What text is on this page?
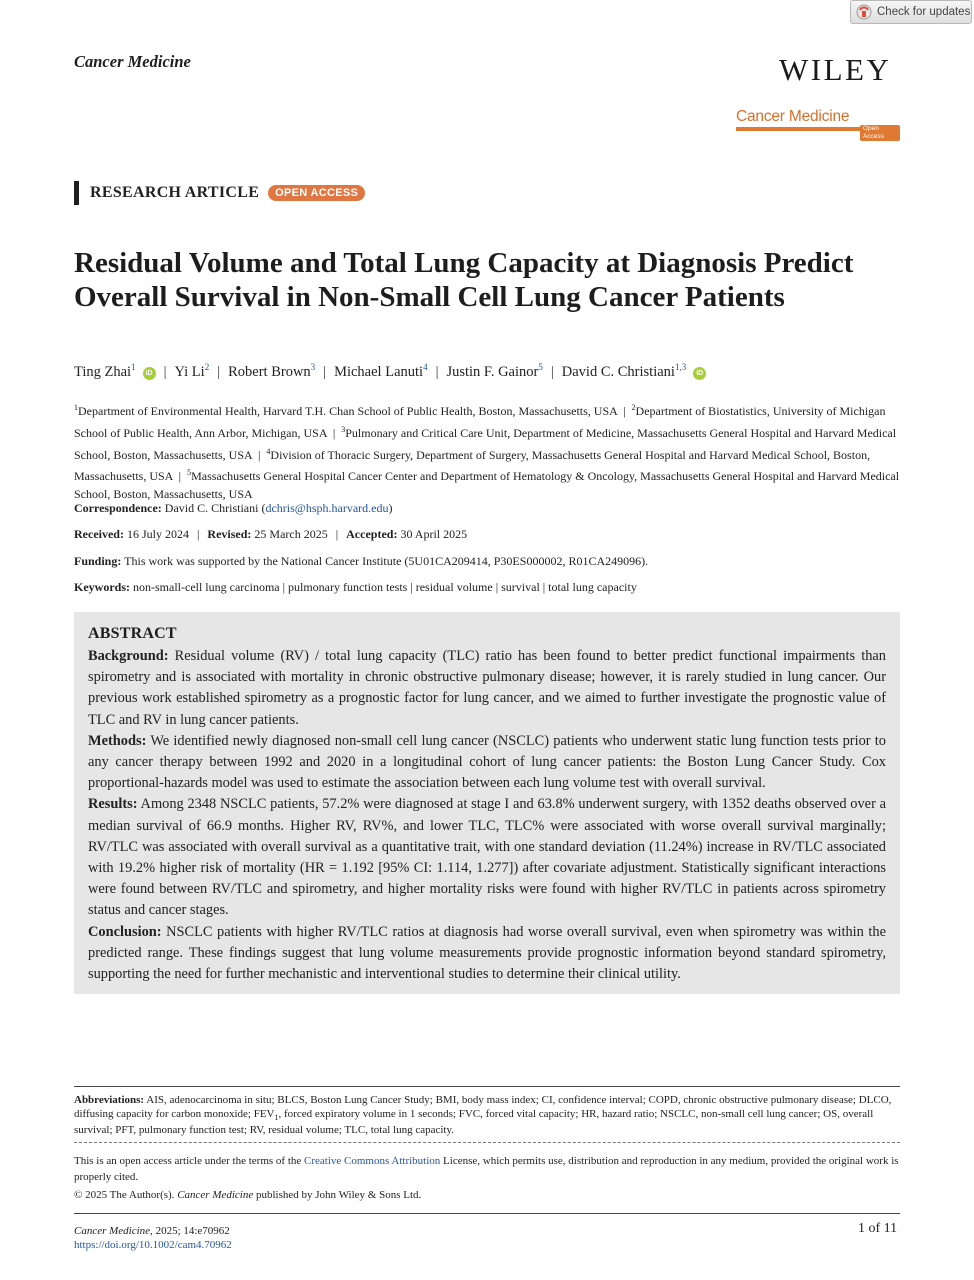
Check for updates
Cancer Medicine	WILEY
Cancer Medicine
Open Access
RESEARCH ARTICLE	OPEN ACCESS
Residual Volume and Total Lung Capacity at Diagnosis Predict Overall Survival in Non-Small Cell Lung Cancer Patients
Ting Zhai$^1$iD | Yi Li$^2$ | Robert Brown$^3$ | Michael Lanuti$^4$ | Justin F. Gainor$^5$ | David C. Christiani$^{1,3}$iD

$^1$Department of Environmental Health, Harvard T.H. Chan School of Public Health, Boston, Massachusetts, USA  |  $^2$Department of Biostatistics, University of Michigan School of Public Health, Ann Arbor, Michigan, USA  |  $^3$Pulmonary and Critical Care Unit, Department of Medicine, Massachusetts General Hospital and Harvard Medical School, Boston, Massachusetts, USA  |  $^4$Division of Thoracic Surgery, Department of Surgery, Massachusetts General Hospital and Harvard Medical School, Boston, Massachusetts, USA  |  $^5$Massachusetts General Hospital Cancer Center and Department of Hematology & Oncology, Massachusetts General Hospital and Harvard Medical School, Boston, Massachusetts, USA

Correspondence: David C. Christiani (dchris@hsph.harvard.edu)
Received: 16 July 2024 | Revised: 25 March 2025 | Accepted: 30 April 2025
Funding: This work was supported by the National Cancer Institute (5U01CA209414, P30ES000002, R01CA249096).
Keywords: non-small-cell lung carcinoma | pulmonary function tests | residual volume | survival | total lung capacity
ABSTRACT

Background: Residual volume (RV) / total lung capacity (TLC) ratio has been found to better predict functional impairments than spirometry and is associated with mortality in chronic obstructive pulmonary disease; however, it is rarely studied in lung cancer. Our previous work established spirometry as a prognostic factor for lung cancer, and we aimed to further investigate the prognostic value of TLC and RV in lung cancer patients.
Methods: We identified newly diagnosed non-small cell lung cancer (NSCLC) patients who underwent static lung function tests prior to any cancer therapy between 1992 and 2020 in a longitudinal cohort of lung cancer patients: the Boston Lung Cancer Study. Cox proportional-hazards model was used to estimate the association between each lung volume test with overall survival.
Results: Among 2348 NSCLC patients, 57.2% were diagnosed at stage I and 63.8% underwent surgery, with 1352 deaths observed over a median survival of 66.9 months. Higher RV, RV%, and lower TLC, TLC% were associated with worse overall survival marginally; RV/TLC was associated with overall survival as a quantitative trait, with one standard deviation (11.24%) increase in RV/TLC associated with 19.2% higher risk of mortality (HR = 1.192 [95% CI: 1.114, 1.277]) after covariate adjustment. Statistically significant interactions were found between RV/TLC and spirometry, and higher mortality risks were found with higher RV/TLC in patients across spirometry status and cancer stages.
Conclusion: NSCLC patients with higher RV/TLC ratios at diagnosis had worse overall survival, even when spirometry was within the predicted range. These findings suggest that lung volume measurements provide prognostic information beyond standard spirometry, supporting the need for further mechanistic and interventional studies to determine their clinical utility.

Abbreviations: AIS, adenocarcinoma in situ; BLCS, Boston Lung Cancer Study; BMI, body mass index; CI, confidence interval; COPD, chronic obstructive pulmonary disease; DLCO, diffusing capacity for carbon monoxide; $FEV_1$, forced expiratory volume in 1 seconds; FVC, forced vital capacity; HR, hazard ratio; NSCLC, non-small cell lung cancer; OS, overall survival; PFT, pulmonary function test; RV, residual volume; TLC, total lung capacity.

This is an open access article under the terms of the Creative Commons Attribution License, which permits use, distribution and reproduction in any medium, provided the original work is properly cited.

© 2025 The Author(s). Cancer Medicine published by John Wiley & Sons Ltd.
Cancer Medicine, 2025; 14:e70962
https://doi.org/10.1002/cam4.70962
1 of 11
